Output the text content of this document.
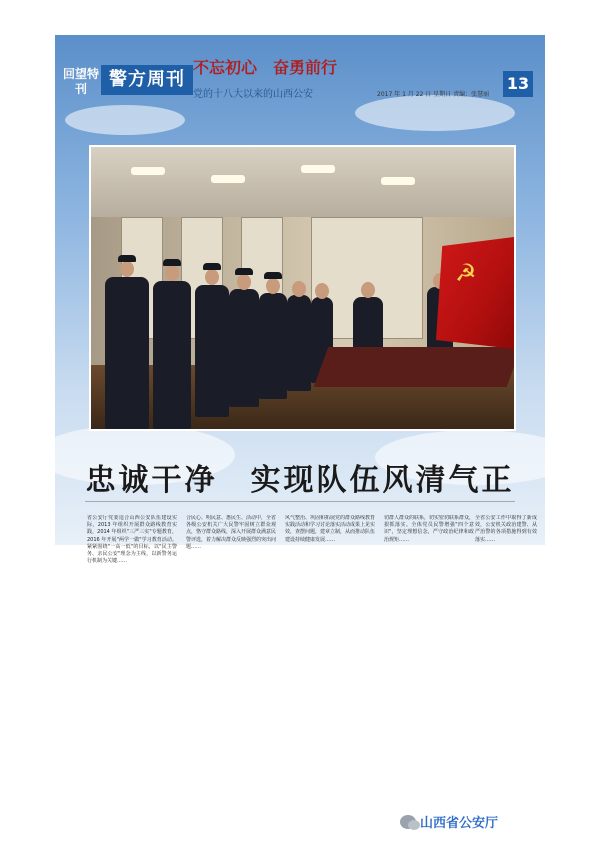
回望特刊	警方周刊
不忘初心　奋勇前行
党的十八大以来的山西公安	2017 年 1 月 22 日 星期日 责编：张慧丽
13
☭
忠诚干净　实现队伍风清气正
省公安厅党委适合山西公安队伍建设实际，2013 年组织开展群众路线教育实践，2014 年组织"三严三实"专题教育，2016 年开展"两学一做"学习教育活动。紧紧围绕"一高一低"的目标，以"民主警务、亲民公安"理念为主线，以新警务运行机制为关键……
合民心、明民意、惠民生、活动中，全省各级公安机关广大民警牢固树立群众观点，恪守群众路线，深入开展群众满意民警评选，着力解决群众反映强烈的突出问题……
风气整治、巩固和拓展党的群众路线教育实践活动和学习讨论落实活动成果上见实效，查摆问题，建章立制，从而推动队伍建设持续健康发展……
切群人群众的联系，切实密切联系群众，狠抓落实。全体党员民警增强"四个意识"，坚定理想信念，严守政治纪律和政治规矩……
全省公安工作中取得了新成效，公安机关政治建警、从严治警的各项措施得到有效落实……
山西省公安厅
